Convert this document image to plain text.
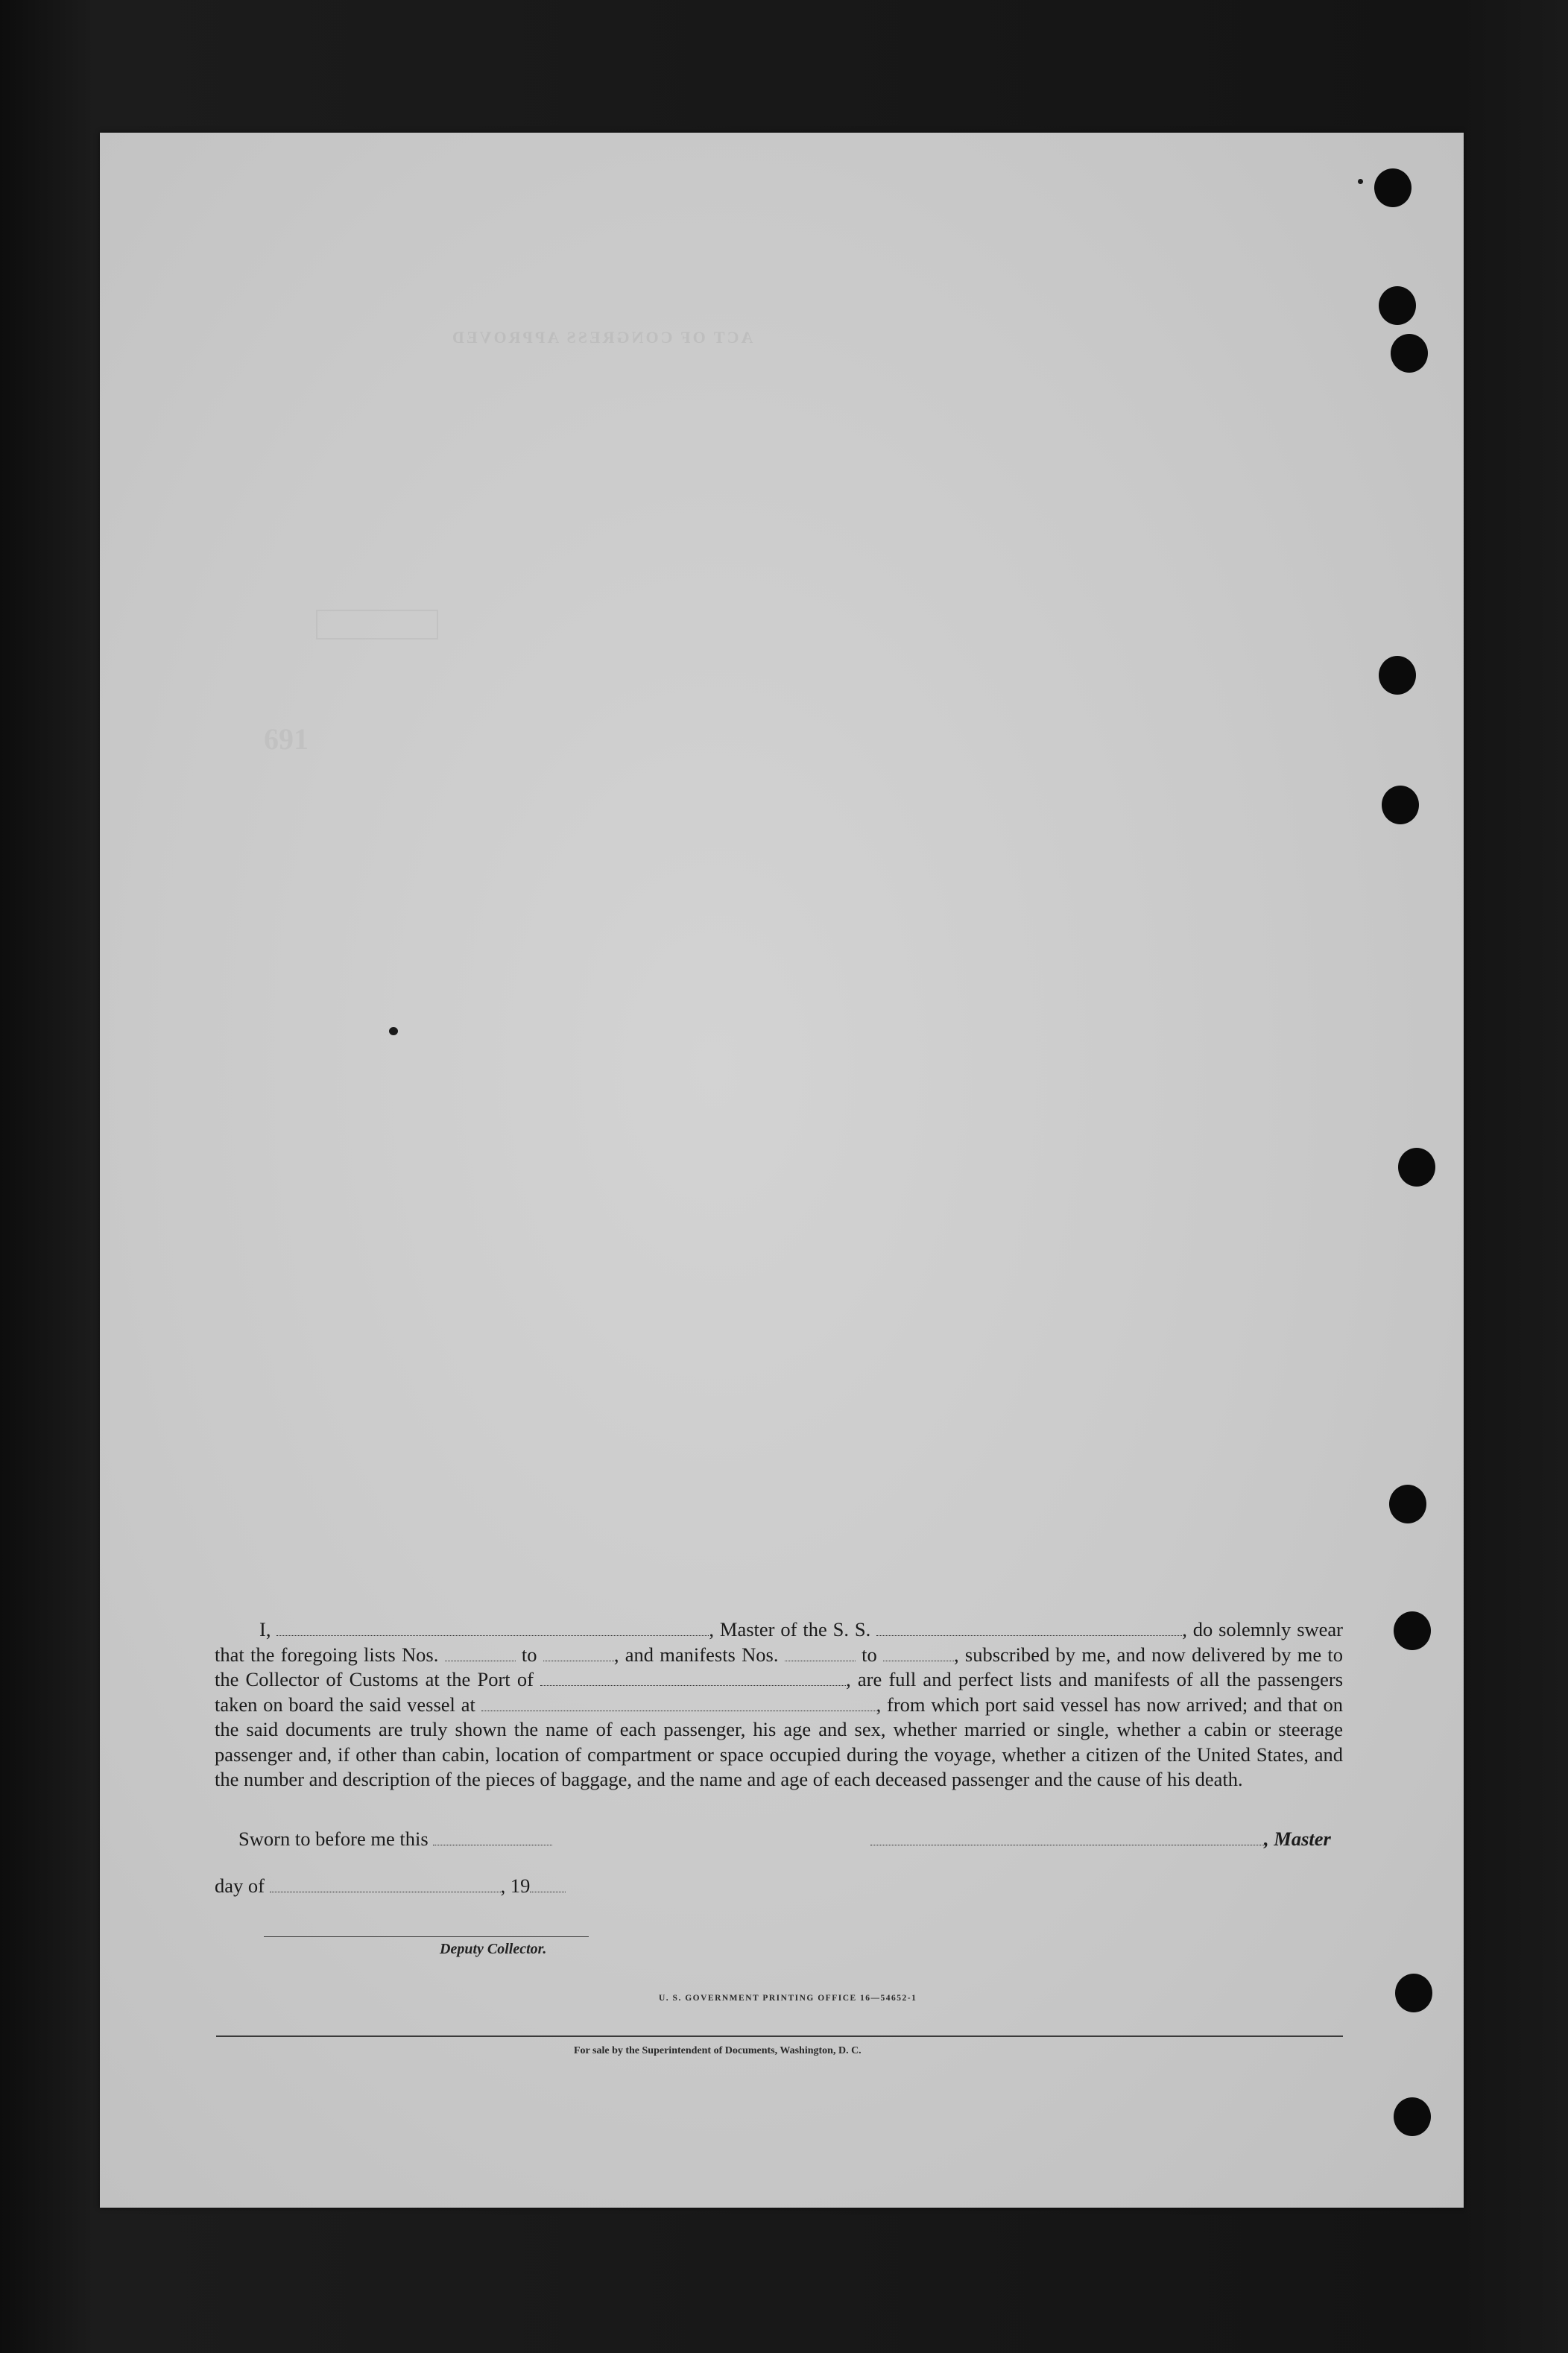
ACT OF CONGRESS APPROVED
691

I,	, Master of the S. S.	, do solemnly swear that the foregoing lists Nos.	to	, and manifests Nos.	to	, subscribed by me, and now delivered by me to the Collector of Customs at the Port of	, are full and perfect lists and manifests of all the passengers taken on board the said vessel at	, from which port said vessel has now arrived; and that on the said documents are truly shown the name of each passenger, his age and sex, whether married or single, whether a cabin or steerage passenger and, if other than cabin, location of compartment or space occupied during the voyage, whether a citizen of the United States, and the number and description of the pieces of baggage, and the name and age of each deceased passenger and the cause of his death.

Sworn to before me this	, Master
day of	, 19
Deputy Collector.
U. S. GOVERNMENT PRINTING OFFICE 16—54652-1
For sale by the Superintendent of Documents, Washington, D. C.
